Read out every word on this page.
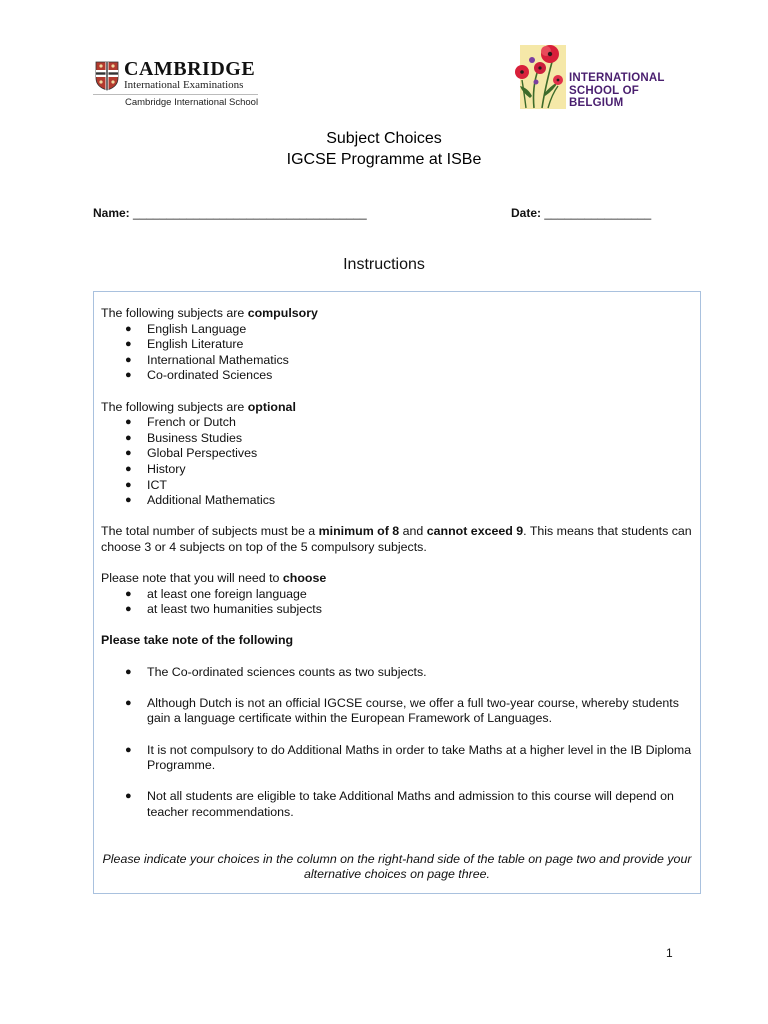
CAMBRIDGE
International Examinations
Cambridge International School
INTERNATIONAL
SCHOOL OF
BELGIUM
Subject Choices
IGCSE Programme at ISBe
Name: ___________________________________	Date: ________________
Instructions

The following subjects are compulsory

● English Language
● English Literature
● International Mathematics
● Co-ordinated Sciences

The following subjects are optional

● French or Dutch
● Business Studies
● Global Perspectives
● History
● ICT
● Additional Mathematics

The total number of subjects must be a minimum of 8 and cannot exceed 9. This means that students can choose 3 or 4 subjects on top of the 5 compulsory subjects.

Please note that you will need to choose

● at least one foreign language
● at least two humanities subjects

Please take note of the following

● The Co-ordinated sciences counts as two subjects.
● Although Dutch is not an official IGCSE course, we offer a full two-year course, whereby students gain a language certificate within the European Framework of Languages.
● It is not compulsory to do Additional Maths in order to take Maths at a higher level in the IB Diploma Programme.
● Not all students are eligible to take Additional Maths and admission to this course will depend on teacher recommendations.

Please indicate your choices in the column on the right-hand side of the table on page two and provide your alternative choices on page three.

1
